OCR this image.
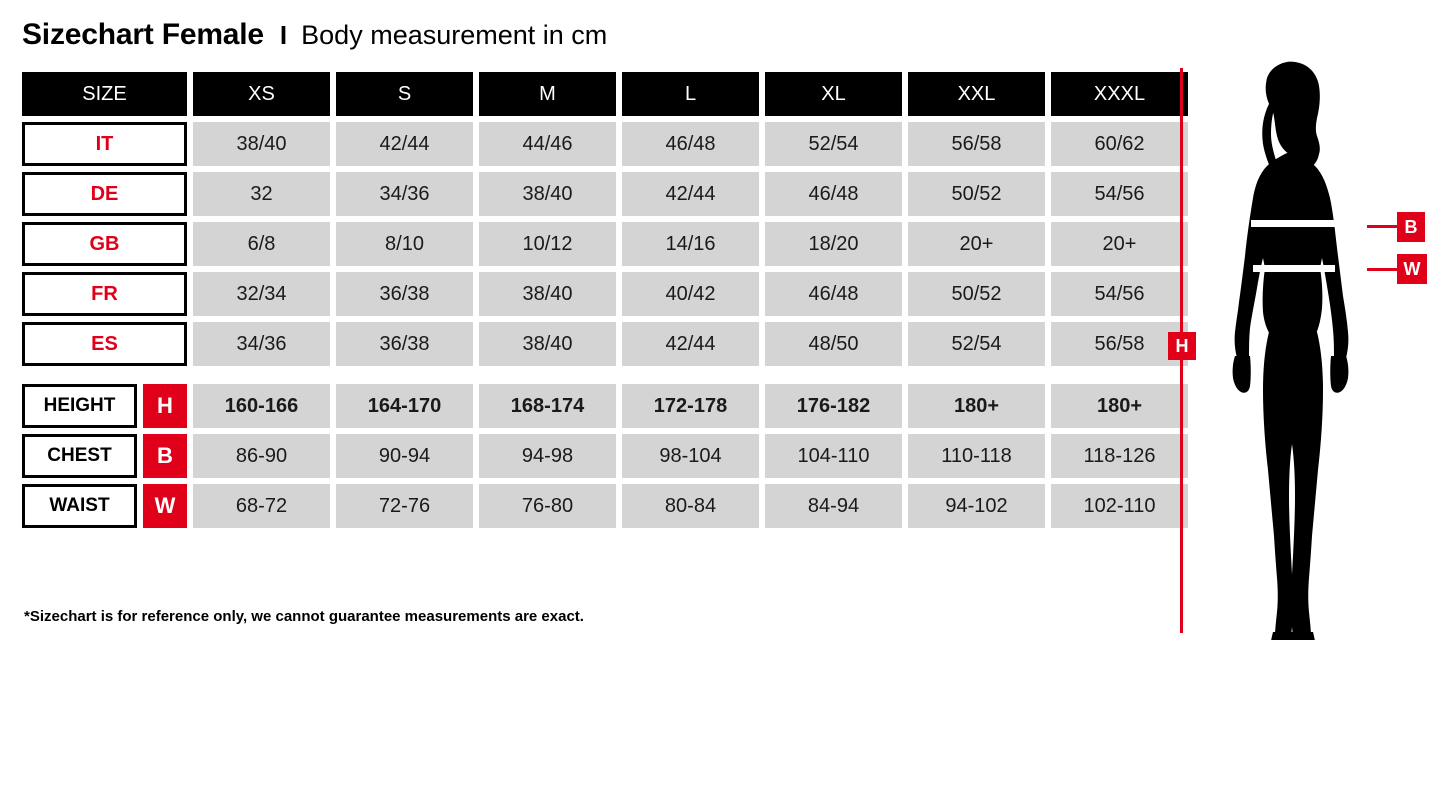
Sizechart Female I Body measurement in cm
SIZE	XS	S	M	L	XL	XXL	XXXL
IT	38/40	42/44	44/46	46/48	52/54	56/58	60/62
DE	32	34/36	38/40	42/44	46/48	50/52	54/56
GB	6/8	8/10	10/12	14/16	18/20	20+	20+
FR	32/34	36/38	38/40	40/42	46/48	50/52	54/56
ES	34/36	36/38	38/40	42/44	48/50	52/54	56/58
HEIGHT	H	160-166	164-170	168-174	172-178	176-182	180+	180+
CHEST	B	86-90	90-94	94-98	98-104	104-110	110-118	118-126
WAIST	W	68-72	72-76	76-80	80-84	84-94	94-102	102-110
*Sizechart is for reference only, we cannot guarantee measurements are exact.
H
B
W
